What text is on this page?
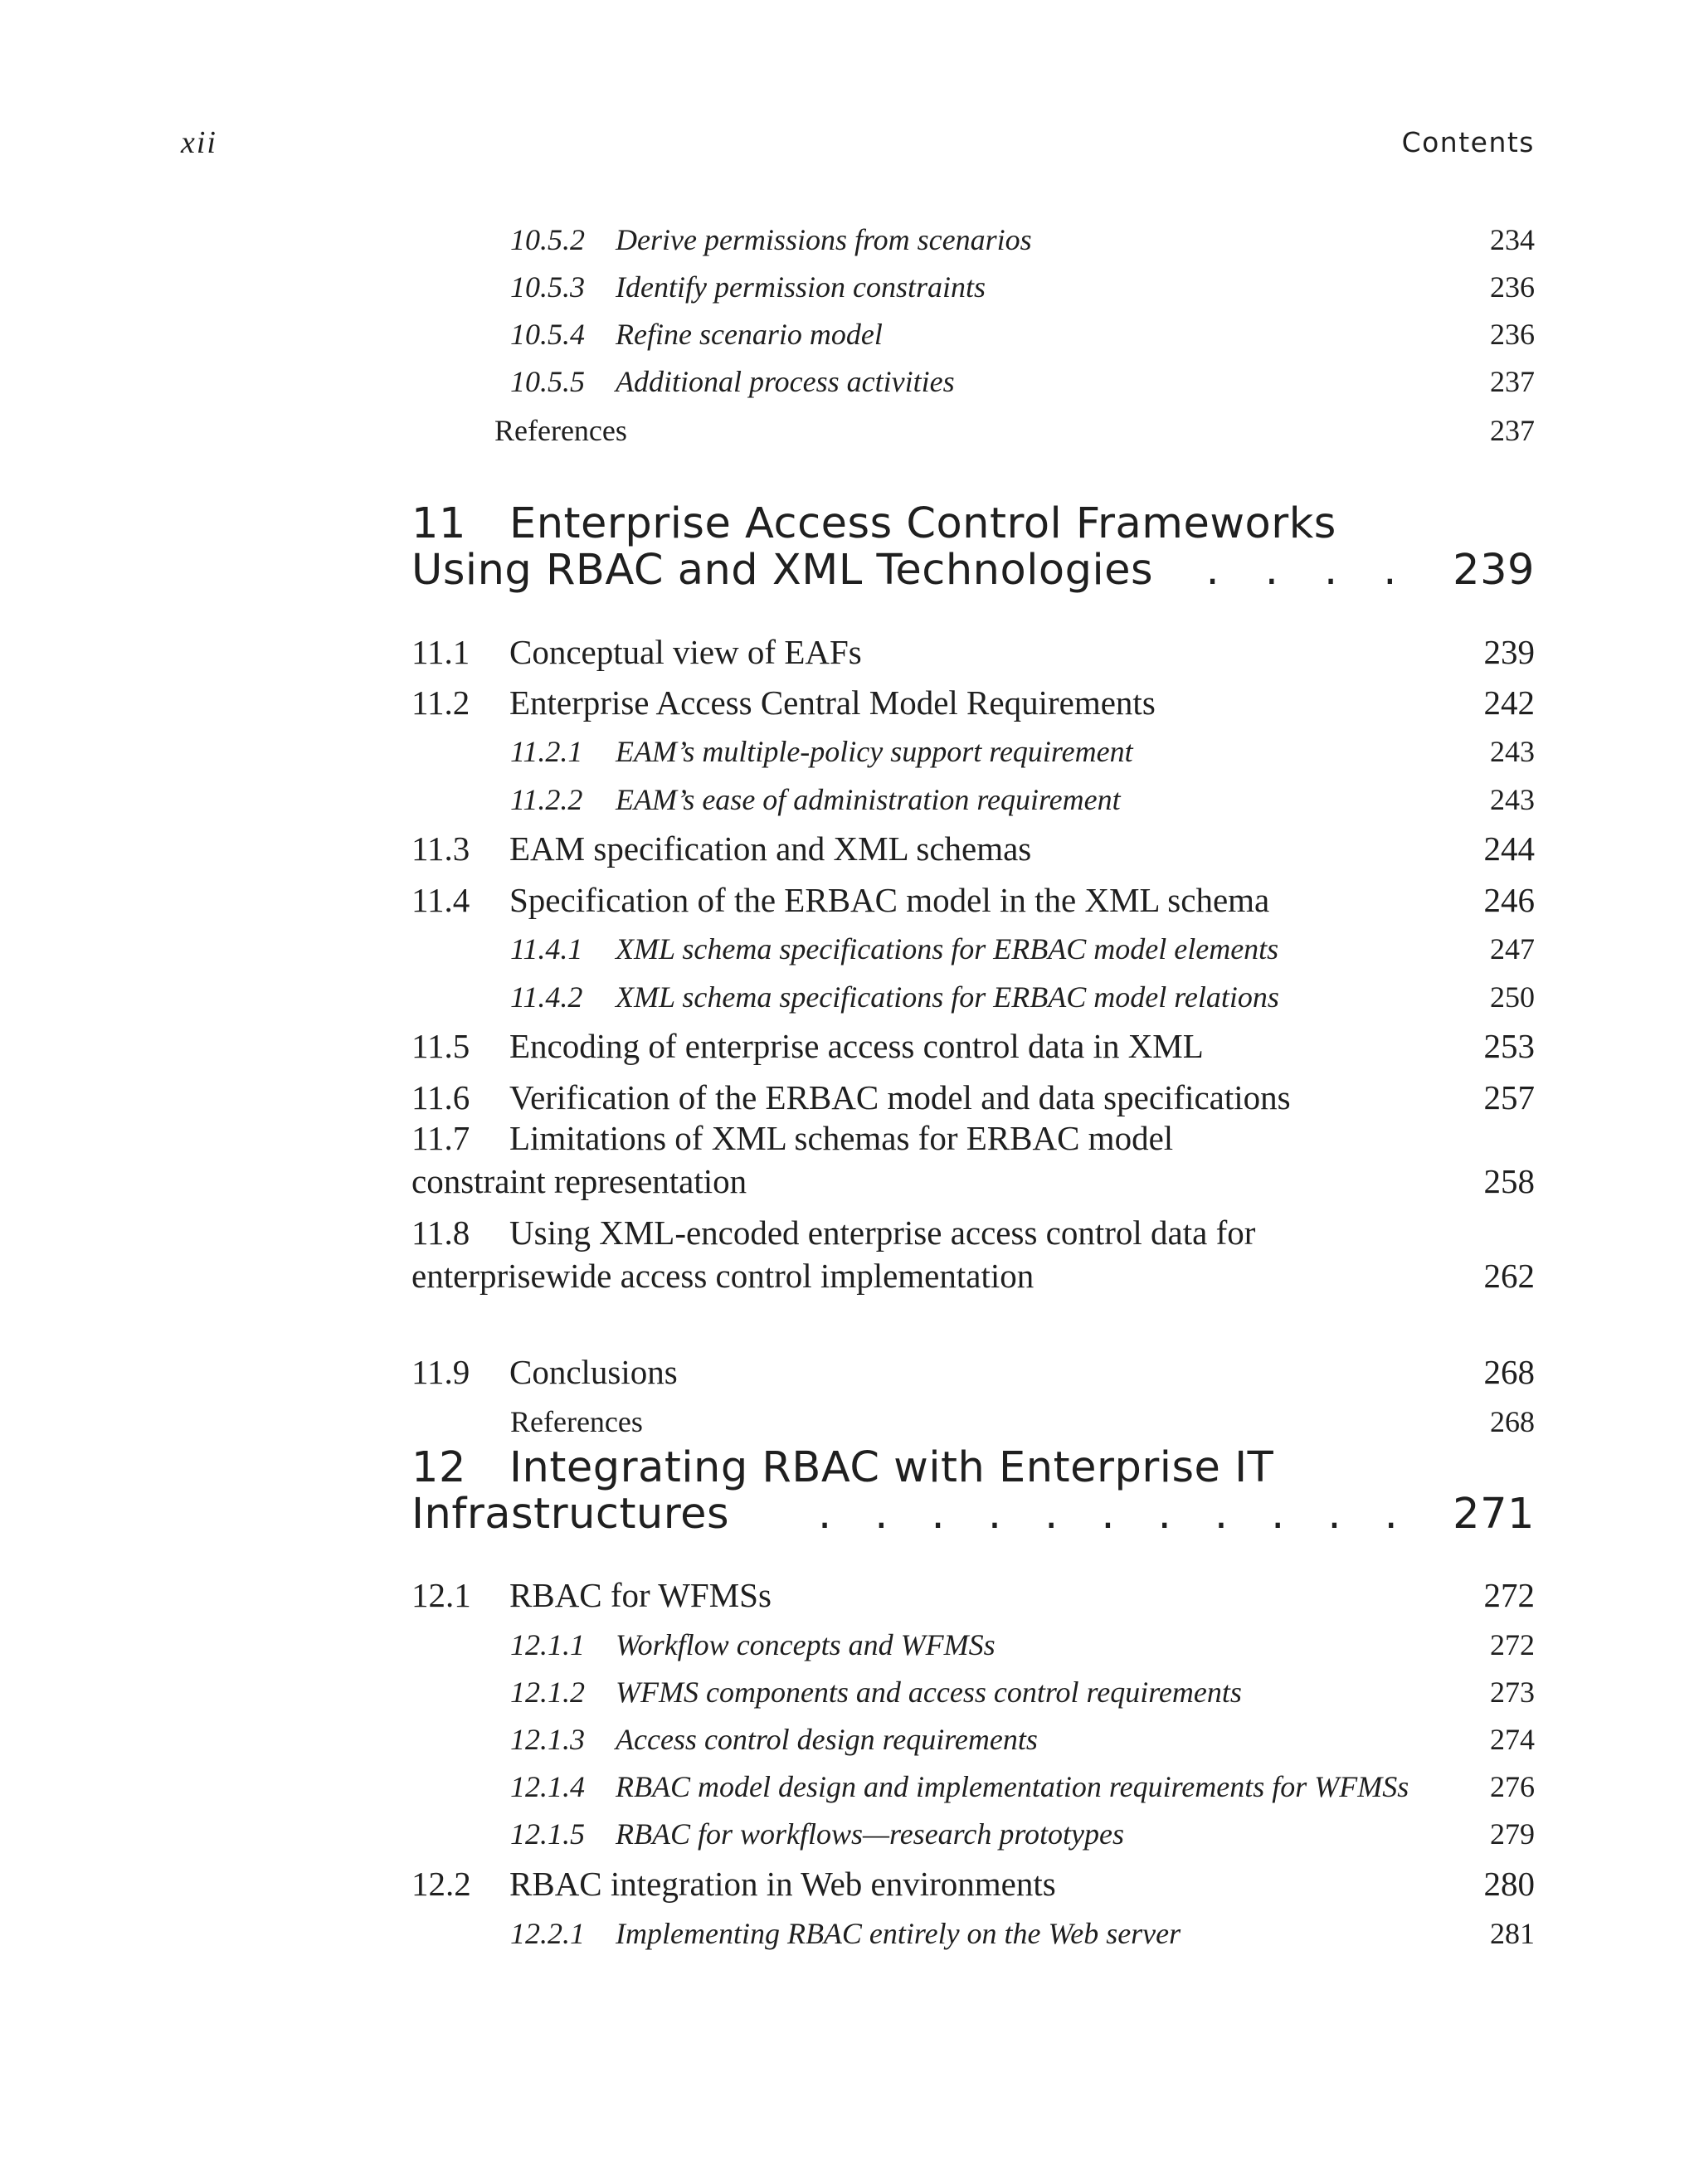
xii	Contents
10.5.2 Derive permissions from scenarios	234
10.5.3 Identify permission constraints	236
10.5.4 Refine scenario model	236
10.5.5 Additional process activities	237
References	237
11 Enterprise Access Control Frameworks
Using RBAC and XML Technologies	. . . .	239
11.1 Conceptual view of EAFs	239
11.2 Enterprise Access Central Model Requirements	242
11.2.1 EAM’s multiple-policy support requirement	243
11.2.2 EAM’s ease of administration requirement	243
11.3 EAM specification and XML schemas	244
11.4 Specification of the ERBAC model in the XML schema	246
11.4.1 XML schema specifications for ERBAC model elements	247
11.4.2 XML schema specifications for ERBAC model relations	250
11.5 Encoding of enterprise access control data in XML	253
11.6 Verification of the ERBAC model and data specifications	257
11.7 Limitations of XML schemas for ERBAC model
constraint representation	258
11.8 Using XML-encoded enterprise access control data for
enterprisewide access control implementation	262
11.9 Conclusions	268
References	268
12 Integrating RBAC with Enterprise IT
Infrastructures	. . . . . . . . . . .	271
12.1 RBAC for WFMSs	272
12.1.1 Workflow concepts and WFMSs	272
12.1.2 WFMS components and access control requirements	273
12.1.3 Access control design requirements	274
12.1.4 RBAC model design and implementation requirements for WFMSs	276
12.1.5 RBAC for workflows—research prototypes	279
12.2 RBAC integration in Web environments	280
12.2.1 Implementing RBAC entirely on the Web server	281
